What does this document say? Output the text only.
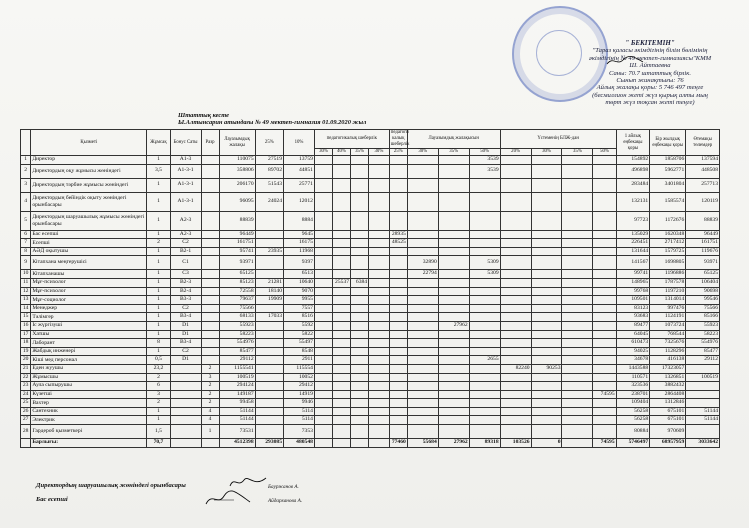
" БЕКІТЕМІН"
"Тараз қаласы әкімдігінің білім бөлімінің
әкімдігінің № 49 мектеп-гимназиясы"КММ
Ш. Айтпаевна
Саны: 70.7 штаттық бірлік.
Сынып жинақтығы: 76
Айлық жалақы қоры: 5 746 497 теңге
(бесмиллион жеті жүз қырық алты мың
төрт жүз тоқсан жеті теңге)
Штаттық кесте
Ы.Алтынсарин атындағы № 49 мектеп-гимназия 01.09.2020 жыл
	Қызметі	Жұмсақ	Бонус Саты	Разр	Лауазымдық жалақы	25%	10%	педагогикалық шеберлік				педагоги калық шеберлік	Лауазымдық жалақысын			Үстеменің БЛЖ-дан				1 айлық еңбекақы қоры	Бір жылдық еңбекақы қоры	Өтемақы төлемдер
								30%	40%	35%	30%	25%	30%	35%	50%	20%	30%	35%	50%			
1	Директор	1	А1-3		110075	27519	13759								3539					154892	1858706	137594
2	Директордың оқу жұмысы жөніндегі	3,5	А1-3-1		358806	89702	44851								3539					496898	5962771	448508
3	Директордың тәрбие жұмысы жөніндегі	1	А1-3-1		206170	51543	25771													283484	3401804	257713
4	Директордың бейіндік оқыту жөніндегі орынбасары	1	А1-3-1		96095	24024	12012													132131	1585574	120119
5	Директордың шаруашылық жұмысы жөніндегі орынбасары	1	А2-3		88839		8884													97723	1172676	88839
6	Бас есепші	1	А2-3		96449		9645					28935								135029	1620348	96449
7	Есепші	2	С2		161751		16175					48525								226451	2717412	161751
8	АӘД оқытушы	1	В2-1		95741	23935	11968													131644	1579725	119676
9	Кітапхана меңгерушісі	1	С1		93971		9397						32890		5309					141567	1698805	93971
10	Кітапханашы	1	С3		65125		6513						22794		5309					99741	1196886	65125
11	Мұғ-психолог	1	В2-3		85123	21281	10640		25537	6384										148965	1787578	106404
12	Мұғ-психолог	1	В2-4		72558	18140	9070													99768	1197210	90698
13	Мұғ-социолог	1	В3-3		79637	19909	9955													109501	1314014	99546
14	Менеджер	1	С2		75566		7557													83123	997476	75566
15	Тәлімгер	1	В3-4		68133	17033	8516													93683	1124191	85166
16	Іс жүргізуші	1	D1		55923		5592							27962						89477	1073724	55923
17	Хатшы	1	D1		58223		5822													64045	768544	58223
18	Лаборант	8	В3-4		554976		55497													610473	7325676	554976
19	Жабдық инженері	1	С2		85477		8548													94025	1128296	85477
20	Кіші мед персонал	0,5	D1		29112		2911								2655					34678	416138	29112
21	Еден жуушы	23,2		2	1155541		115554									82240	90253			1443588	17323057	
22	Жұмысшы	2		3	100519		10052													110571	1326851	100519
23	Аула сыпырушы	6		2	294124		29412													323536	3882432	
24	Күзетші	3		2	149187		14919												74595	238701	2864408	
25	Вахтер	2		2	99458		9946													109404	1312846	
26	Сантехник	1		4	51144		5114													56258	675101	51144
27	Электрик	1		4	51144		5114													56258	675101	51144
28	Гардероб қызметкері	1,5		1	73531		7353													80884	970609	
	Барлығы:	70,7			4512398	293085	480548					77460	55684	27962	89318	103526	0		74595	5746497	68957959	3033642
Директордың шаруашылық жөніндегі орынбасары
Бас есепші
Бауржанов А.
Айдарханова А.
